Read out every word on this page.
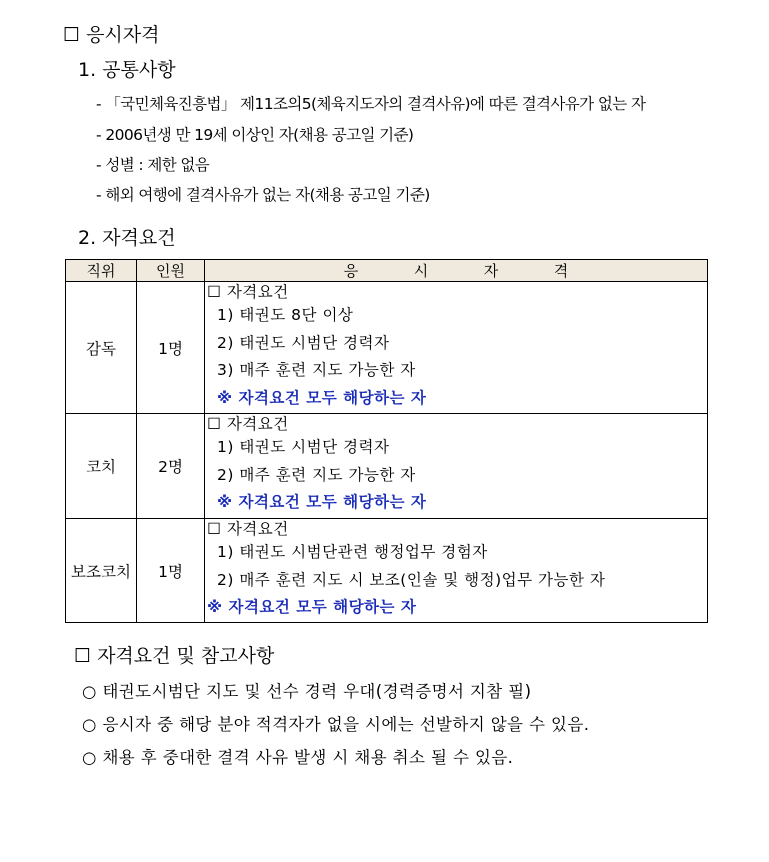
☐ 응시자격
1. 공통사항
- 「국민체육진흥법」 제11조의5(체육지도자의 결격사유)에 따른 결격사유가 없는 자
- 2006년생 만 19세 이상인 자(채용 공고일 기준)
- 성별 : 제한 없음
- 해외 여행에 결격사유가 없는 자(채용 공고일 기준)
2. 자격요건
직위	인원	응 시 자 격
감독	1명	☐ 자격요건
1) 태권도 8단 이상
2) 태권도 시범단 경력자
3) 매주 훈련 지도 가능한 자
※ 자격요건 모두 해당하는 자

코치	2명	☐ 자격요건
1) 태권도 시범단 경력자
2) 매주 훈련 지도 가능한 자
※ 자격요건 모두 해당하는 자

보조코치	1명	☐ 자격요건
1) 태권도 시범단관련 행정업무 경험자
2) 매주 훈련 지도 시 보조(인솔 및 행정)업무 가능한 자
※ 자격요건 모두 해당하는 자
☐ 자격요건 및 참고사항
○ 태권도시범단 지도 및 선수 경력 우대(경력증명서 지참 필)
○ 응시자 중 해당 분야 적격자가 없을 시에는 선발하지 않을 수 있음.
○ 채용 후 중대한 결격 사유 발생 시 채용 취소 될 수 있음.
